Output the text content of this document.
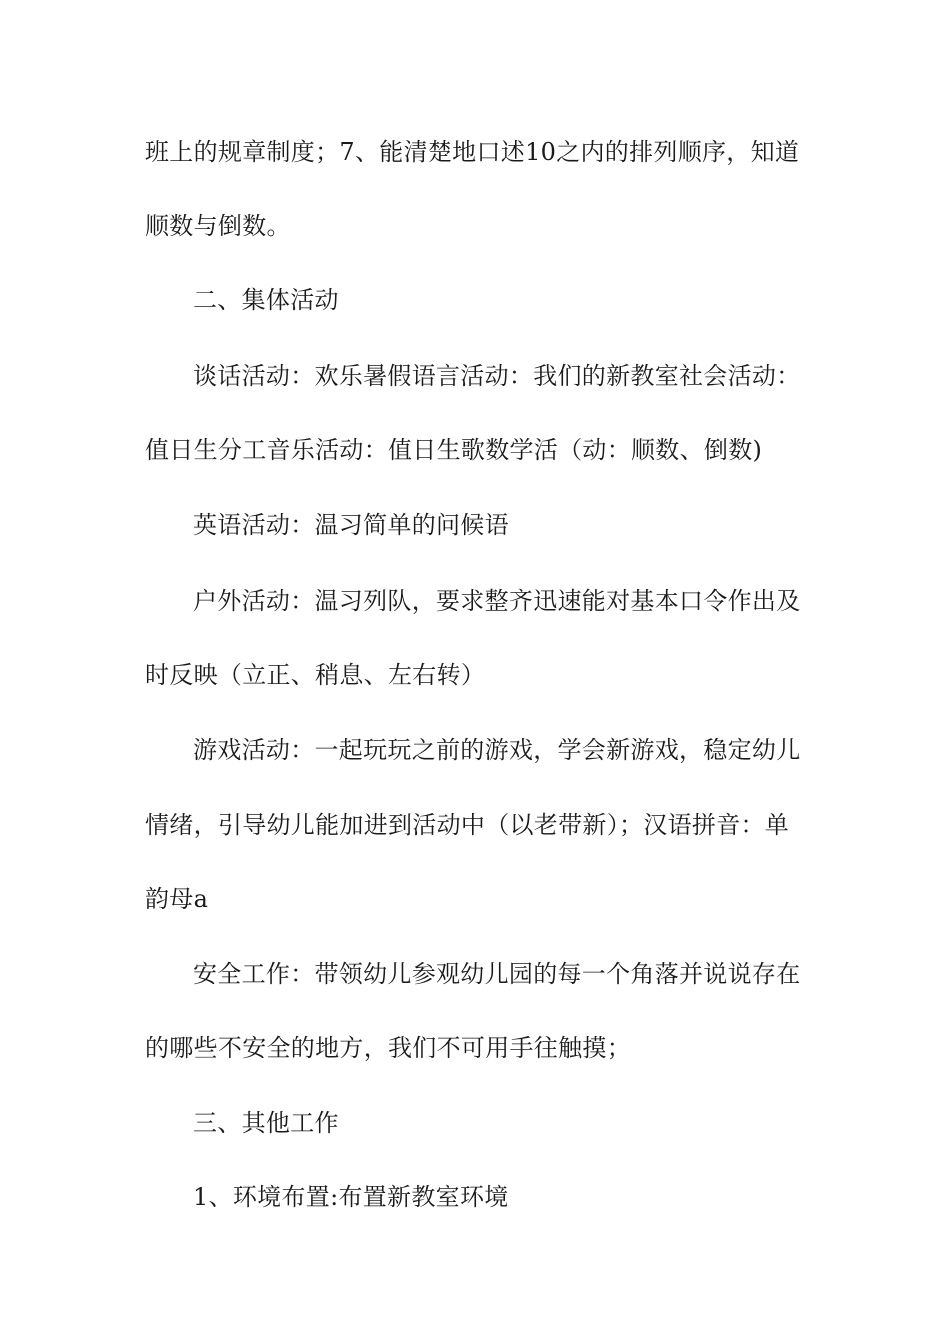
班上的规章制度；7、能清楚地口述10之内的排列顺序，知道
顺数与倒数。
二、集体活动
谈话活动：欢乐暑假语言活动：我们的新教室社会活动：
值日生分工音乐活动：值日生歌数学活（动：顺数、倒数)
英语活动：温习简单的问候语
户外活动：温习列队，要求整齐迅速能对基本口令作出及
时反映（立正、稍息、左右转）
游戏活动：一起玩玩之前的游戏，学会新游戏，稳定幼儿
情绪，引导幼儿能加进到活动中（以老带新）；汉语拼音：单
韵母a
安全工作：带领幼儿参观幼儿园的每一个角落并说说存在
的哪些不安全的地方，我们不可用手往触摸；
三、其他工作
1、环境布置:布置新教室环境
